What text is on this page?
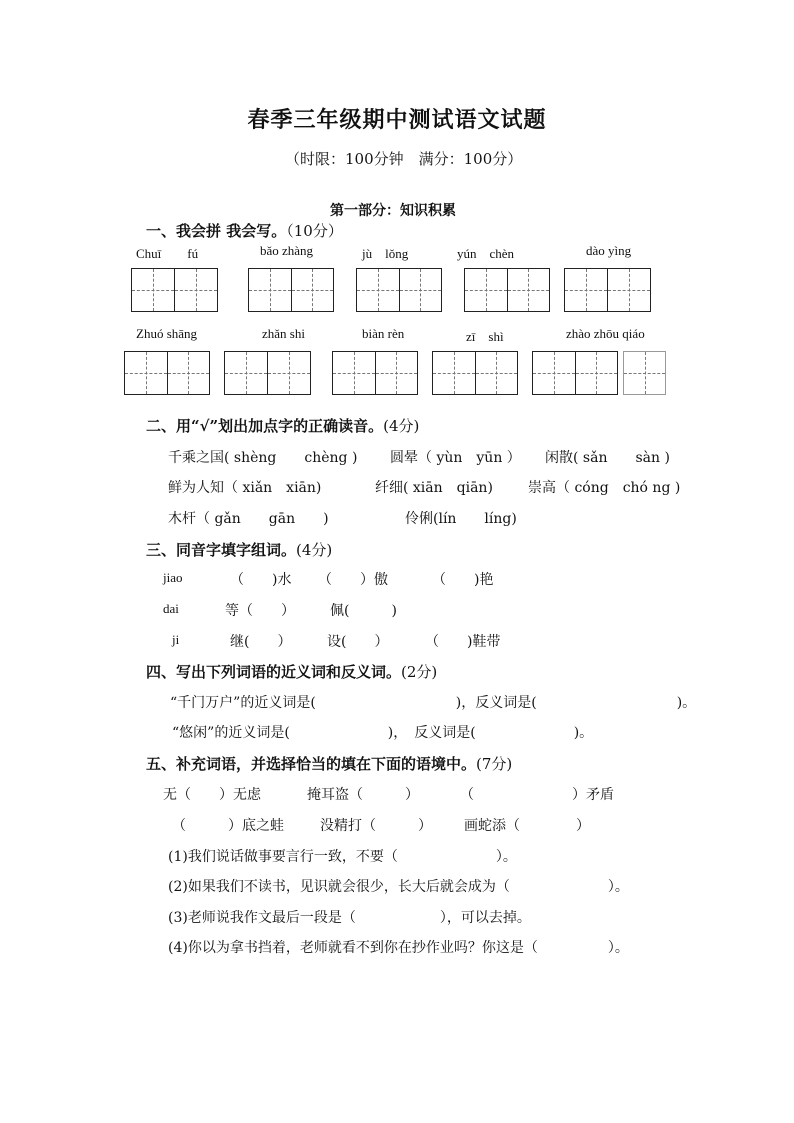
春季三年级期中测试语文试题
（时限：100分钟　满分：100分）
第一部分：知识积累
一、我会拼 我会写。（10分）
Chuī　　fú	bǎo zhàng	jù　lǒng	yún　chèn	dào yìng
Zhuó shāng	zhǎn shi	biàn rèn	zī　shì	zhào zhōu qiáo
二、用“√”划出加点字的正确读音。(4分)
千乘之国( shèng　　chèng ) 圆晕（ yùn　yūn ） 闲散( sǎn　　sàn )
鲜为人知（ xiǎn　xiān)	纤细( xiān　qiān)	崇高（ cóng　chó ng )
木杆（ gǎn　　gān　　)	伶俐(lín　　líng)
三、同音字填字组词。(4分)
jiao	（　　)水 （　　）傲	（　　)艳
dai	等（　　）	佩(　　　)
ji	继(　　）	设(　　）	（　　)鞋带
四、写出下列词语的近义词和反义词。(2分)
“千门万户”的近义词是(　　　　　　　　　　)，反义词是(　　　　　　　　　　)。
“悠闲”的近义词是(　　　　　　　)，　反义词是(　　　　　　　)。
五、补充词语，并选择恰当的填在下面的语境中。(7分)
无（　　）无虑	掩耳盗（　　　）	（　　　　　　　）矛盾
（　　　）底之蛙	没精打（　　　） 画蛇添（　　　　）
(1)我们说话做事要言行一致，不要（　　　　　　　）。
(2)如果我们不读书，见识就会很少，长大后就会成为（　　　　　　　）。
(3)老师说我作文最后一段是（　　　　　　），可以去掉。
(4)你以为拿书挡着，老师就看不到你在抄作业吗？你这是（　　　　　）。
